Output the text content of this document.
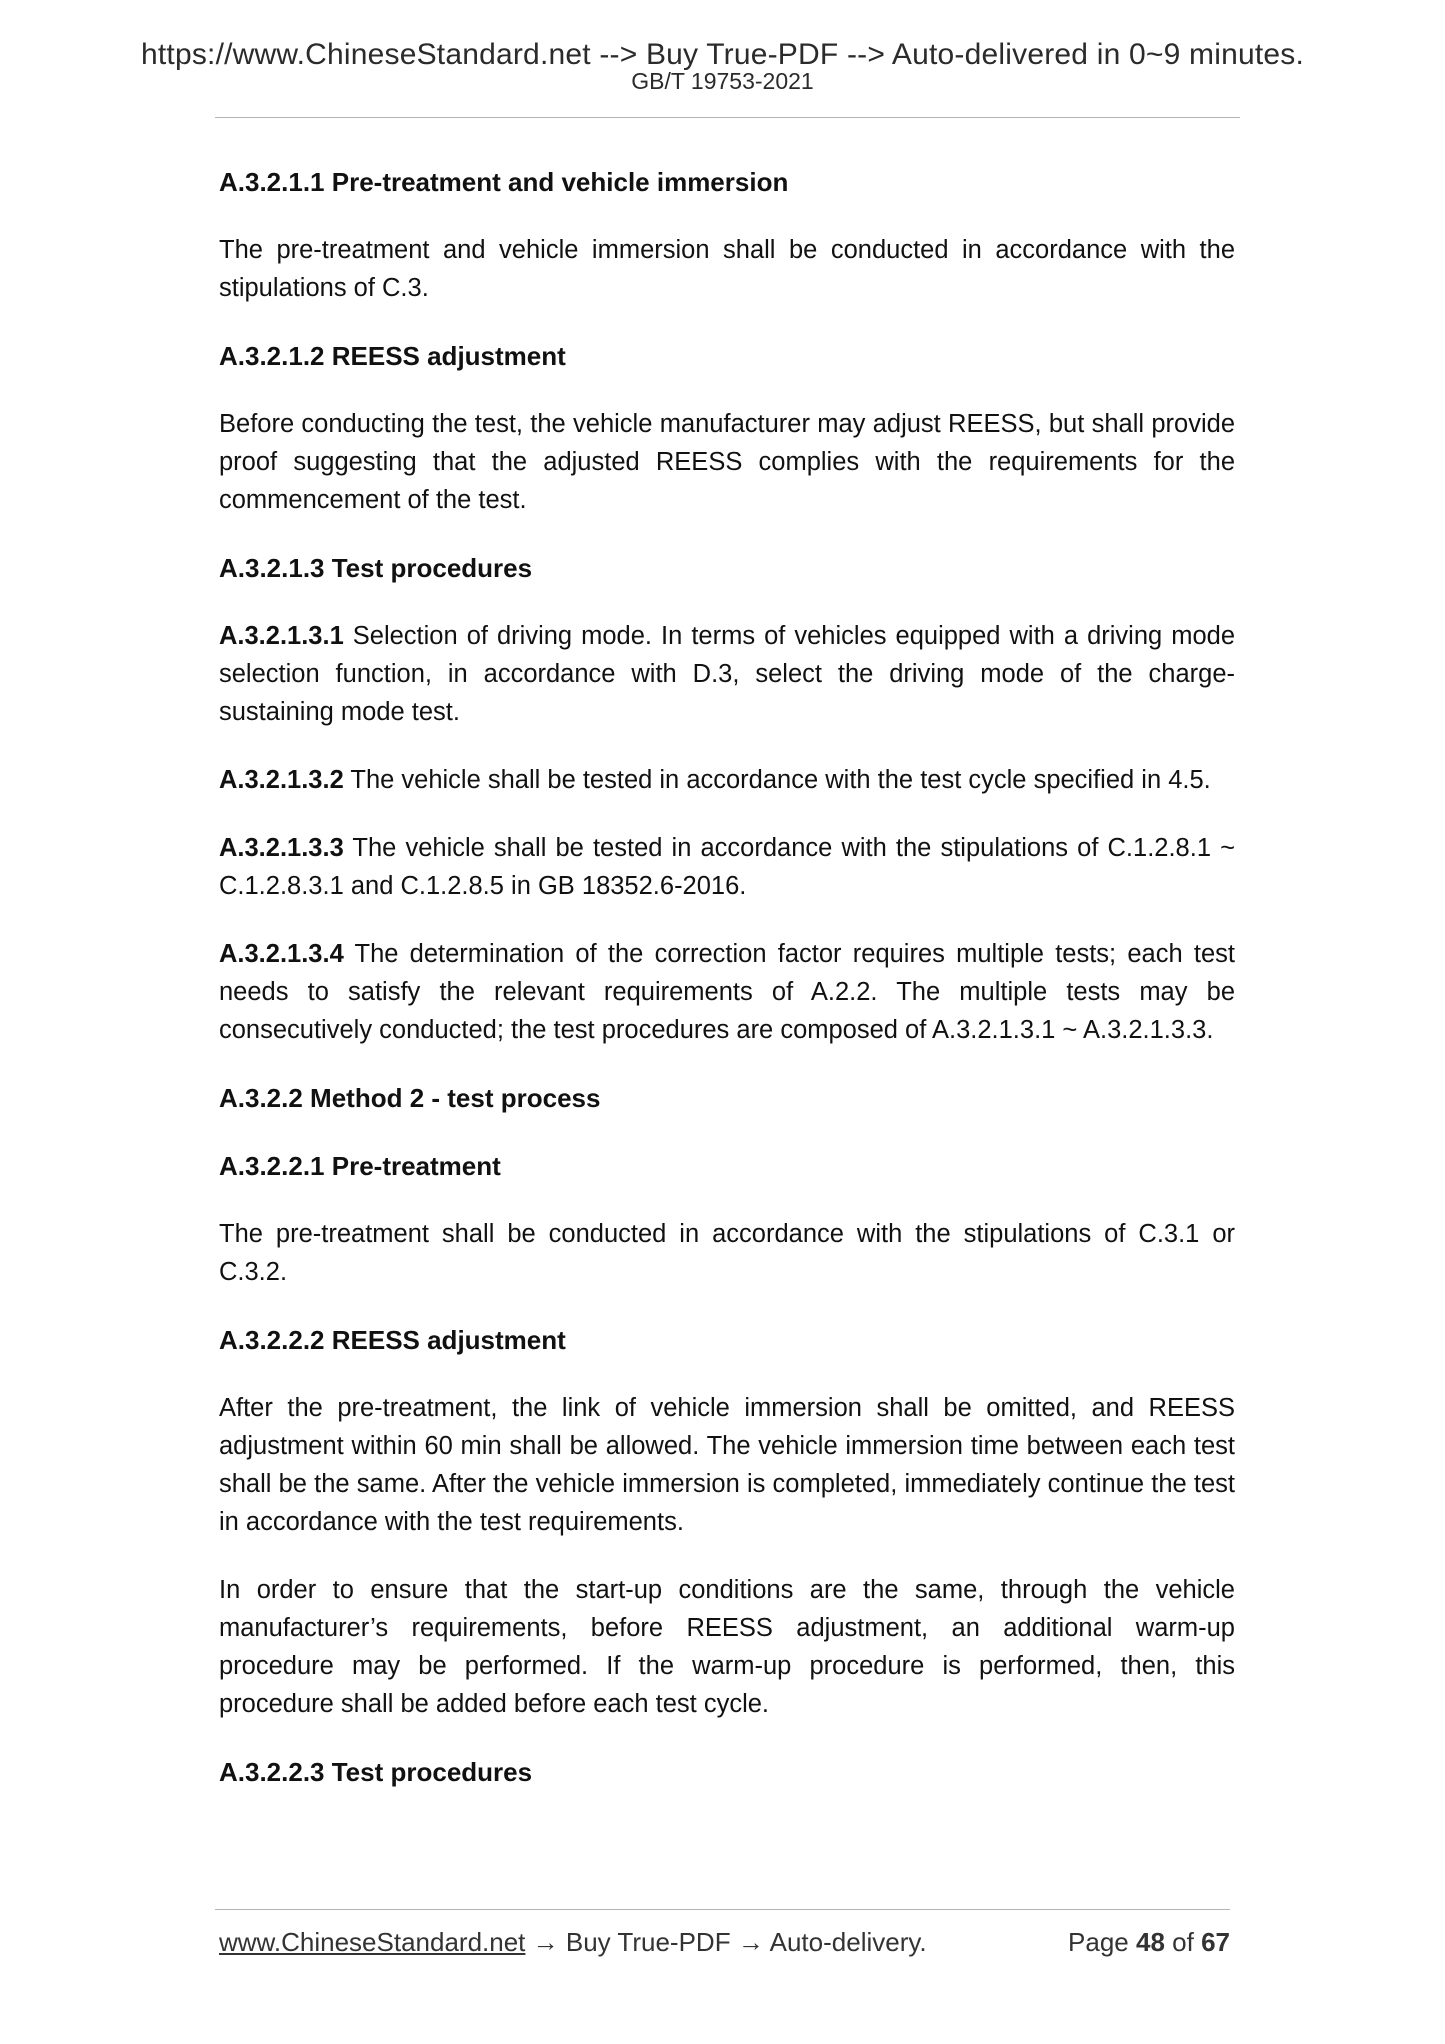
https://www.ChineseStandard.net --> Buy True-PDF --> Auto-delivered in 0~9 minutes.
GB/T 19753-2021

A.3.2.1.1 Pre-treatment and vehicle immersion

The pre-treatment and vehicle immersion shall be conducted in accordance with the stipulations of C.3.

A.3.2.1.2 REESS adjustment

Before conducting the test, the vehicle manufacturer may adjust REESS, but shall provide proof suggesting that the adjusted REESS complies with the requirements for the commencement of the test.

A.3.2.1.3 Test procedures

A.3.2.1.3.1 Selection of driving mode. In terms of vehicles equipped with a driving mode selection function, in accordance with D.3, select the driving mode of the charge-sustaining mode test.

A.3.2.1.3.2 The vehicle shall be tested in accordance with the test cycle specified in 4.5.

A.3.2.1.3.3 The vehicle shall be tested in accordance with the stipulations of C.1.2.8.1 ~ C.1.2.8.3.1 and C.1.2.8.5 in GB 18352.6-2016.

A.3.2.1.3.4 The determination of the correction factor requires multiple tests; each test needs to satisfy the relevant requirements of A.2.2. The multiple tests may be consecutively conducted; the test procedures are composed of A.3.2.1.3.1 ~ A.3.2.1.3.3.

A.3.2.2 Method 2 - test process

A.3.2.2.1 Pre-treatment

The pre-treatment shall be conducted in accordance with the stipulations of C.3.1 or C.3.2.

A.3.2.2.2 REESS adjustment

After the pre-treatment, the link of vehicle immersion shall be omitted, and REESS adjustment within 60 min shall be allowed. The vehicle immersion time between each test shall be the same. After the vehicle immersion is completed, immediately continue the test in accordance with the test requirements.

In order to ensure that the start-up conditions are the same, through the vehicle manufacturer’s requirements, before REESS adjustment, an additional warm-up procedure may be performed. If the warm-up procedure is performed, then, this procedure shall be added before each test cycle.

A.3.2.2.3 Test procedures

www.ChineseStandard.net → Buy True-PDF → Auto-delivery.	Page 48 of 67
